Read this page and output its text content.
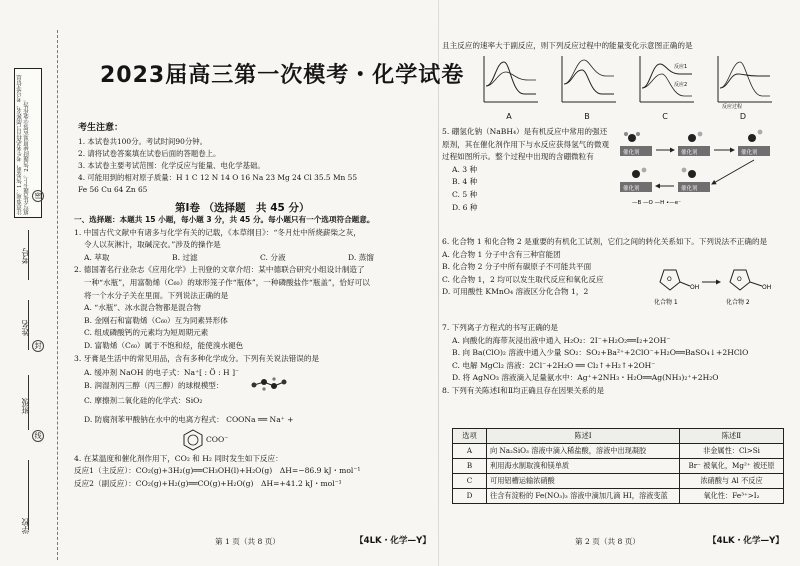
注意事项：1.答卷前，考生务必将自己的姓名、考号等信息填写在答题卡上。2.答题时使用黑色签字笔作答。
考号
姓名
班级
学校
密
封
线
2023届高三第一次模考・化学试卷
考生注意：
1. 本试卷共100分。考试时间90分钟。
2. 请将试卷答案填在试卷后面的答题卷上。
3. 本试卷主要考试范围：化学反应与能量、电化学基础。
4. 可能用到的相对原子质量：H 1 C 12 N 14 O 16 Na 23 Mg 24 Cl 35.5 Mn 55
Fe 56 Cu 64 Zn 65
第Ⅰ卷 （选择题　共 45 分）
一、选择题：本题共 15 小题，每小题 3 分，共 45 分。每小题只有一个选项符合题意。
1. 中国古代文献中有诸多与化学有关的记载，《本草纲目》：“冬月灶中所烧薪柴之灰，
令人以灰淋汁，取碱浣衣。”涉及的操作是
A. 萃取	B. 过滤	C. 分液	D. 蒸馏
2. 德国著名行业杂志《应用化学》上刊登的文章介绍：某中德联合研究小组设计制造了
一种“水瓶”，用富勒烯（C₆₀）的球形笼子作“瓶体”，一种磷酸盐作“瓶盖”，恰好可以
将一个水分子关在里面。下列说法正确的是
A. “水瓶”、冰水混合物都是混合物
B. 金刚石和富勒烯（C₆₀）互为同素异形体
C. 组成磷酸钙的元素均为短周期元素
D. 富勒烯（C₆₀）属于不饱和烃，能使溴水褪色
3. 牙膏是生活中的常见用品，含有多种化学成分。下列有关说法错误的是
A. 缓冲剂 NaOH 的电子式：Na⁺[ : Ö : H ]⁻
B. 润湿剂丙三醇（丙三醇）的球棍模型：
C. 摩擦剂二氧化硅的化学式：SiO₂
D. 防腐剂苯甲酸钠在水中的电离方程式： COONa ══ Na⁺ +
COO⁻
4. 在某温度和催化剂作用下，CO₂ 和 H₂ 同时发生如下反应：
反应1（主反应）：CO₂(g)+3H₂(g)══CH₃OH(l)+H₂O(g)　ΔH=−86.9 kJ・mol⁻¹
反应2（副反应）：CO₂(g)+H₂(g)══CO(g)+H₂O(g)　ΔH=+41.2 kJ・mol⁻¹
第 1 页（共 8 页）	【4LK・化学—Y】
且主反应的速率大于副反应，则下列反应过程中的能量变化示意图正确的是
反应1
反应2
反应过程
A	B	C	D
5. 硼氢化钠（NaBH₄）是有机反应中常用的强还原剂，其在催化剂作用下与水反应获得氢气的微观过程如图所示。整个过程中出现的含硼微粒有
A. 3 种
B. 4 种
C. 5 种
D. 6 种
催化剂	催化剂	催化剂
催化剂	催化剂
—B —O —H •—e⁻
6. 化合物 1 和化合物 2 是重要的有机化工试剂，它们之间的转化关系如下。下列说法不正确的是
A. 化合物 1 分子中含有三种官能团
B. 化合物 2 分子中所有碳原子不可能共平面
C. 化合物 1，2 均可以发生取代反应和氧化反应
D. 可用酸性 KMnO₄ 溶液区分化合物 1，2
O
OH
O
OH
化合物 1	化合物 2
7. 下列离子方程式的书写正确的是
A. 向酸化的海带灰浸出液中通入 H₂O₂：2I⁻+H₂O₂══I₂+2OH⁻
B. 向 Ba(ClO)₂ 溶液中通入少量 SO₂：SO₂+Ba²⁺+2ClO⁻+H₂O══BaSO₄↓+2HClO
C. 电解 MgCl₂ 溶液：2Cl⁻+2H₂O ══ Cl₂↑+H₂↑+2OH⁻
D. 将 AgNO₃ 溶液滴入足量氨水中：Ag⁺+2NH₃・H₂O══Ag(NH₃)₂⁺+2H₂O
8. 下列有关陈述Ⅰ和Ⅱ均正确且存在因果关系的是
选项	陈述Ⅰ	陈述Ⅱ
A	向 Na₂SiO₃ 溶液中滴入稀盐酸，溶液中出现凝胶	非金属性：Cl>Si
B	利用海水制取溴和镁单质	Br⁻ 被氧化，Mg²⁺ 被还原
C	可用铝槽运输浓硝酸	浓硝酸与 Al 不反应
D	往含有淀粉的 Fe(NO₃)₃ 溶液中滴加几滴 HI，溶液变蓝	氧化性：Fe³⁺>I₂
第 2 页（共 8 页）	【4LK・化学—Y】
